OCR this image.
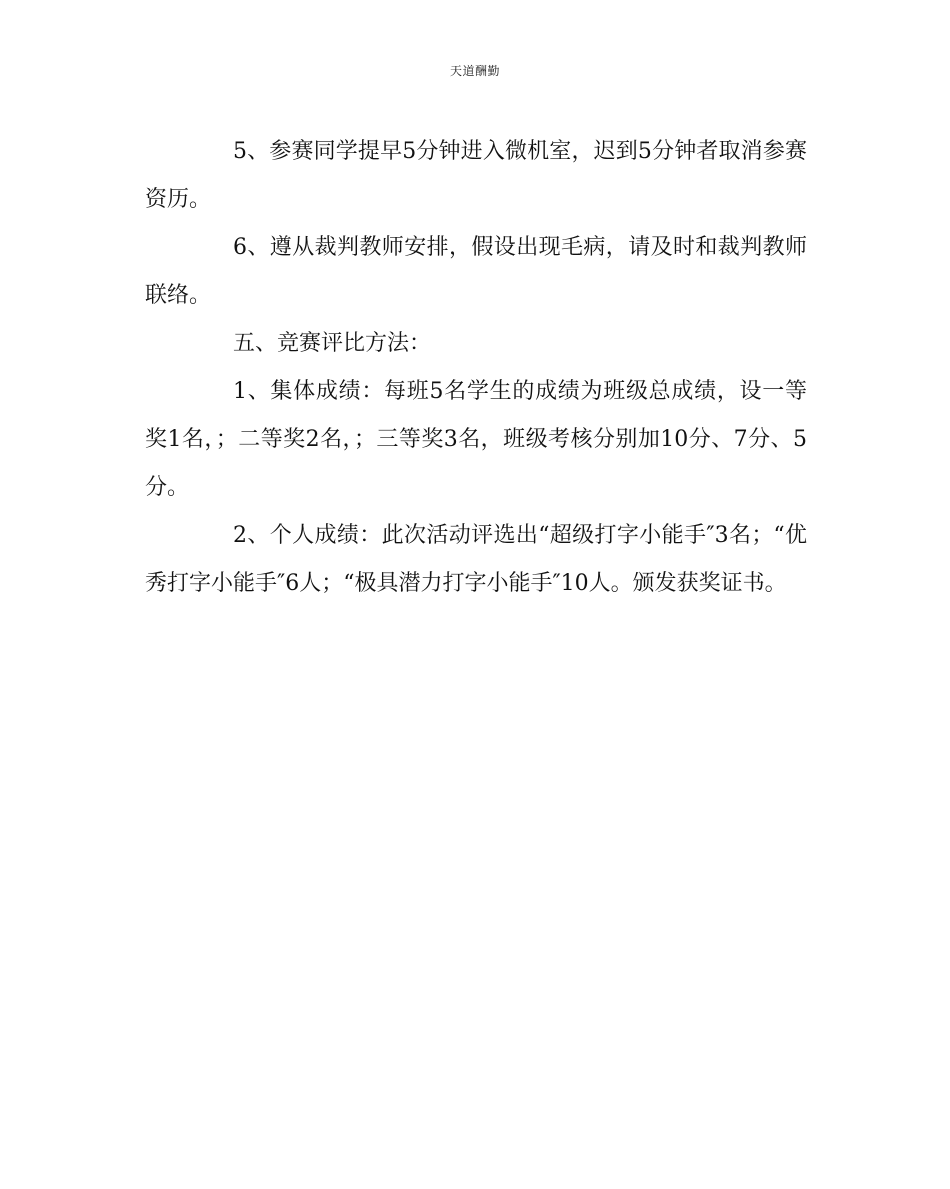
天道酬勤

5、参赛同学提早5分钟进入微机室，迟到5分钟者取消参赛资历。

6、遵从裁判教师安排，假设出现毛病，请及时和裁判教师联络。

五、竞赛评比方法：

1、集体成绩：每班5名学生的成绩为班级总成绩，设一等奖1名，；二等奖2名，；三等奖3名，班级考核分别加10分、7分、5分。

2、个人成绩：此次活动评选出“超级打字小能手″3名；“优秀打字小能手″6人；“极具潜力打字小能手″10人。颁发获奖证书。
